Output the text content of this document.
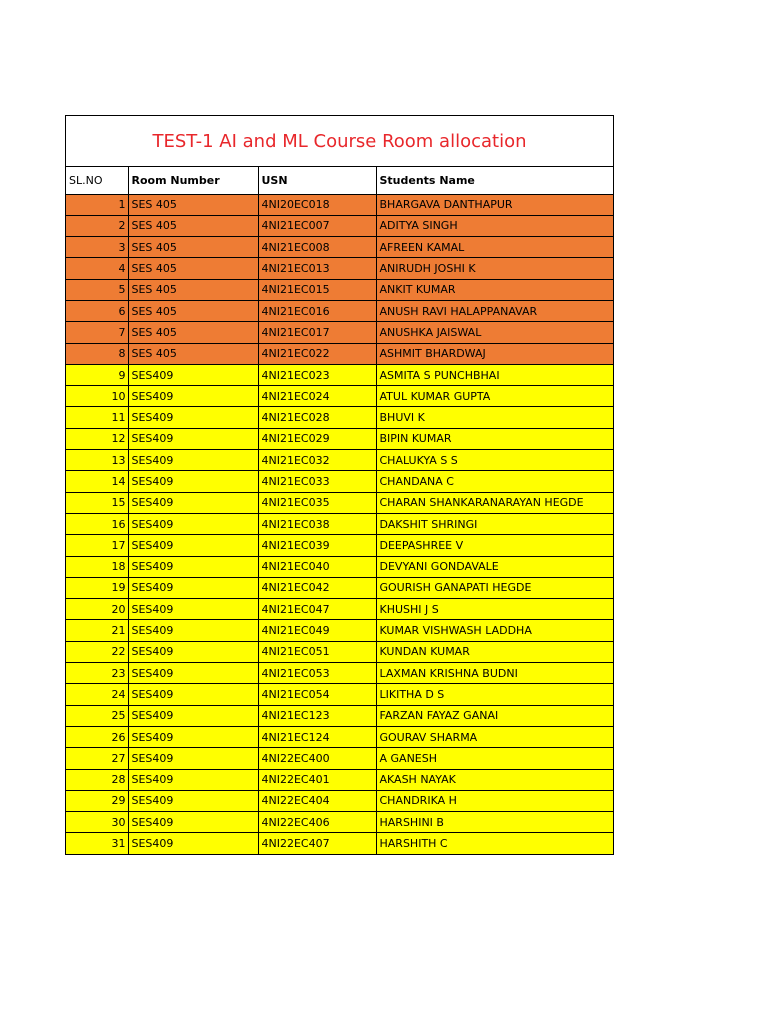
TEST-1 AI and ML Course Room allocation
SL.NO	Room Number	USN	Students Name
1	SES 405	4NI20EC018	BHARGAVA DANTHAPUR
2	SES 405	4NI21EC007	ADITYA SINGH
3	SES 405	4NI21EC008	AFREEN KAMAL
4	SES 405	4NI21EC013	ANIRUDH JOSHI K
5	SES 405	4NI21EC015	ANKIT KUMAR
6	SES 405	4NI21EC016	ANUSH RAVI HALAPPANAVAR
7	SES 405	4NI21EC017	ANUSHKA JAISWAL
8	SES 405	4NI21EC022	ASHMIT BHARDWAJ
9	SES409	4NI21EC023	ASMITA S PUNCHBHAI
10	SES409	4NI21EC024	ATUL KUMAR GUPTA
11	SES409	4NI21EC028	BHUVI K
12	SES409	4NI21EC029	BIPIN KUMAR
13	SES409	4NI21EC032	CHALUKYA S S
14	SES409	4NI21EC033	CHANDANA C
15	SES409	4NI21EC035	CHARAN SHANKARANARAYAN HEGDE
16	SES409	4NI21EC038	DAKSHIT SHRINGI
17	SES409	4NI21EC039	DEEPASHREE V
18	SES409	4NI21EC040	DEVYANI GONDAVALE
19	SES409	4NI21EC042	GOURISH GANAPATI HEGDE
20	SES409	4NI21EC047	KHUSHI J S
21	SES409	4NI21EC049	KUMAR VISHWASH LADDHA
22	SES409	4NI21EC051	KUNDAN KUMAR
23	SES409	4NI21EC053	LAXMAN KRISHNA BUDNI
24	SES409	4NI21EC054	LIKITHA D S
25	SES409	4NI21EC123	FARZAN FAYAZ GANAI
26	SES409	4NI21EC124	GOURAV SHARMA
27	SES409	4NI22EC400	A GANESH
28	SES409	4NI22EC401	AKASH NAYAK
29	SES409	4NI22EC404	CHANDRIKA H
30	SES409	4NI22EC406	HARSHINI B
31	SES409	4NI22EC407	HARSHITH C
